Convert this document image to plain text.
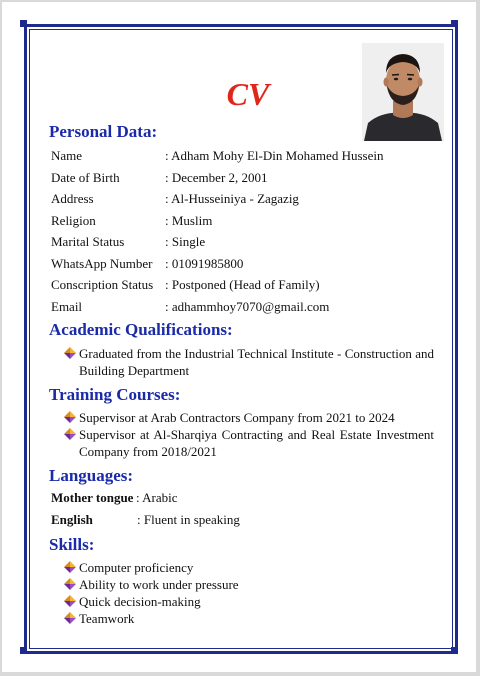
CV
Personal Data:
Name	: Adham Mohy El-Din Mohamed Hussein
Date of Birth	: December 2, 2001
Address	: Al-Husseiniya - Zagazig
Religion	: Muslim
Marital Status	: Single
WhatsApp Number : 01091985800
Conscription Status : Postponed (Head of Family)
Email	: adhammhoy7070@gmail.com
Academic Qualifications:
Graduated from the Industrial Technical Institute - Construction and Building Department
Training Courses:
Supervisor at Arab Contractors Company from 2021 to 2024
Supervisor at Al-Sharqiya Contracting and Real Estate Investment Company from 2018/2021
Languages:
Mother tongue : Arabic
English	: Fluent in speaking
Skills:
Computer proficiency
Ability to work under pressure
Quick decision-making
Teamwork
